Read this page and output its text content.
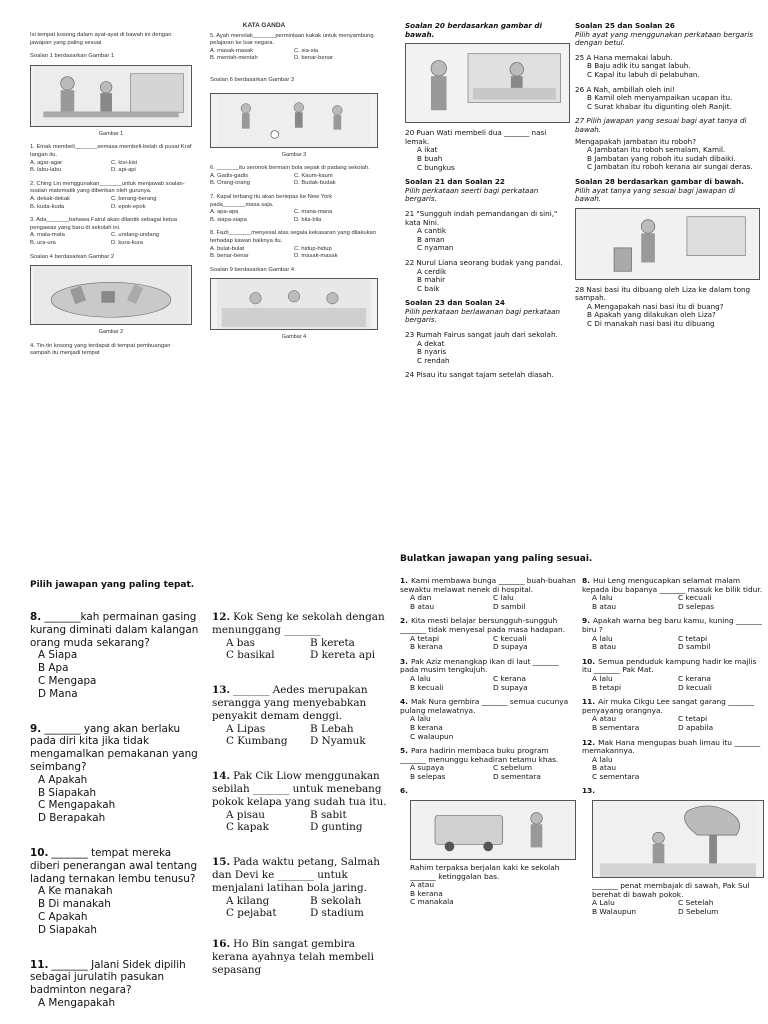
Isi tempat kosong dalam ayat-ayat di bawah ini dengan jawapan yang paling sesuai
Soalan 1 berdasarkan Gambar 1
Gambar 1
1. Emak membeli_______semasa membeli-belah di pusat Kraf tangan itu.
A. agar-agar	C. kisi-kisi
B. labu-labu	D. api-api
2. Ching Lin menggunakan_______untuk menjawab soalan-soalan matematik yang diberikan oleh gurunya.
A. dekak-dekak	C. berang-berang
B. kuda-kuda	D. epok-epok
3. Ada_______bahawa Fairul akan dilantik sebagai ketua pengawas yang baru di sekolah ini.
A. mata-mata	C. undang-undang
B. ura-ura	D. kura-kura
Soalan 4 berdasarkan Gambar 2
Gambar 2
4. Tin-tin kosong yang terdapat di tempat pembuangan sampah itu menjadi tempat
KATA GANDA
5. Ayah menolak_______permintaan kakak untuk menyambung pelajaran ke luar negara.
A. masak-masak	C. sia-sia
B. mentah-mentah	D. benar-benar
Soalan 6 berdasarkan Gambar 3
Gambar 3
6. _______itu seronok bermain bola sepak di padang sekolah.
A. Gadis-gadis	C. Kaum-kaum
B. Orang-orang	D. Budak-budak
7. Kapal terbang itu akan berlepas ke New York pada_______masa saja.
A. apa-apa	C. mana-mana
B. siapa-siapa	D. bila-bila
8. Fazli_______menyesal atas segala kekasaran yang dilakukan terhadap kawan baiknya itu.
A. bulat-bulat	C. hidup-hidup
B. benar-benar	D. masak-masak
Soalan 9 berdasarkan Gambar 4
Gambar 4
Soalan 20 berdasarkan gambar di bawah.
20 Puan Wati membeli dua _______ nasi lemak.
A ikat
B buah
C bungkus
Soalan 21 dan Soalan 22
Pilih perkataan seerti bagi perkataan bergaris.
21 "Sungguh indah pemandangan di sini," kata Nini.
A cantik
B aman
C nyaman
22 Nurul Liana seorang budak yang pandai.
A cerdik
B mahir
C baik
Soalan 23 dan Soalan 24
Pilih perkataan berlawanan bagi perkataan bergaris.
23 Rumah Fairus sangat jauh dari sekolah.
A dekat
B nyaris
C rendah
24 Pisau itu sangat tajam setelah diasah.
Soalan 25 dan Soalan 26
Pilih ayat yang menggunakan perkataan bergaris dengan betul.
25 A Hana memakai labuh.
B Baju adik itu sangat labuh.
C Kapal itu labuh di pelabuhan.
26 A Nah, ambillah oleh ini!
B Kamil oleh menyampaikan ucapan itu.
C Surat khabar itu digunting oleh Ranjit.
27 Pilih jawapan yang sesuai bagi ayat tanya di bawah.
Mengapakah jambatan itu roboh?
A Jambatan itu roboh semalam, Kamil.
B Jambatan yang roboh itu sudah dibaiki.
C Jambatan itu roboh kerana air sungai deras.
Soalan 28 berdasarkan gambar di bawah.
Pilih ayat tanya yang sesuai bagi jawapan di bawah.
28 Nasi basi itu dibuang oleh Liza ke dalam tong sampah.
A Mengapakah nasi basi itu di buang?
B Apakah yang dilakukan oleh Liza?
C Di manakah nasi basi itu dibuang
Pilih jawapan yang paling tepat.
8. _______kah permainan gasing kurang diminati dalam kalangan orang muda sekarang?
A Siapa
B Apa
C Mengapa
D Mana
9. _______ yang akan berlaku pada diri kita jika tidak mengamalkan pemakanan yang seimbang?
A Apakah
B Siapakah
C Mengapakah
D Berapakah
10. _______ tempat mereka diberi penerangan awal tentang ladang ternakan lembu tenusu?
A Ke manakah
B Di manakah
C Apakah
D Siapakah
11. _______ Jalani Sidek dipilih sebagai jurulatih pasukan badminton negara?
A Mengapakah
12. Kok Seng ke sekolah dengan menunggang _______
A bas	B kereta
C basikal	D kereta api
13. _______ Aedes merupakan serangga yang menyebabkan penyakit demam denggi.
A Lipas	B Lebah
C Kumbang	D Nyamuk
14. Pak Cik Liow menggunakan sebilah _______ untuk menebang pokok kelapa yang sudah tua itu.
A pisau	B sabit
C kapak	D gunting
15. Pada waktu petang, Salmah dan Devi ke _______ untuk menjalani latihan bola jaring.
A kilang	B sekolah
C pejabat	D stadium
16. Ho Bin sangat gembira kerana ayahnya telah membeli sepasang
Bulatkan jawapan yang paling sesuai.
1. Kami membawa bunga _______ buah-buahan sewaktu melawat nenek di hospital.
A dan	C lalu
B atau	D sambil
2. Kita mesti belajar bersungguh-sungguh _______ tidak menyesal pada masa hadapan.
A tetapi	C kecuali
B kerana	D supaya
3. Pak Aziz menangkap ikan di laut _______ pada musim tengkujuh.
A lalu	C kerana
B kecuali	D supaya
4. Mak Nura gembira _______ semua cucunya pulang melawatnya.
A lalu
B kerana
C walaupun
5. Para hadirin membaca buku program _______ menunggu kehadiran tetamu khas.
A supaya	C sebelum
B selepas	D sementara
6.
Rahim terpaksa berjalan kaki ke sekolah _______ ketinggalan bas.
A atau
B kerana
C manakala
8. Hui Leng mengucapkan selamat malam kepada ibu bapanya _______ masuk ke bilik tidur.
A lalu	C kecuali
B atau	D selepas
9. Apakah warna beg baru kamu, kuning _______ biru ?
A lalu	C tetapi
B atau	D sambil
10. Semua penduduk kampung hadir ke majlis itu _______ Pak Mat.
A lalu	C kerana
B tetapi	D kecuali
11. Air muka Cikgu Lee sangat garang _______ penyayang orangnya.
A atau	C tetapi
B sementara	D apabila
12. Mak Hana mengupas buah limau itu _______ memakannya.
A lalu
B atau
C sementara
13.
_______ penat membajak di sawah, Pak Sul berehat di bawah pokok.
A Lalu	C Setelah
B Walaupun	D Sebelum
